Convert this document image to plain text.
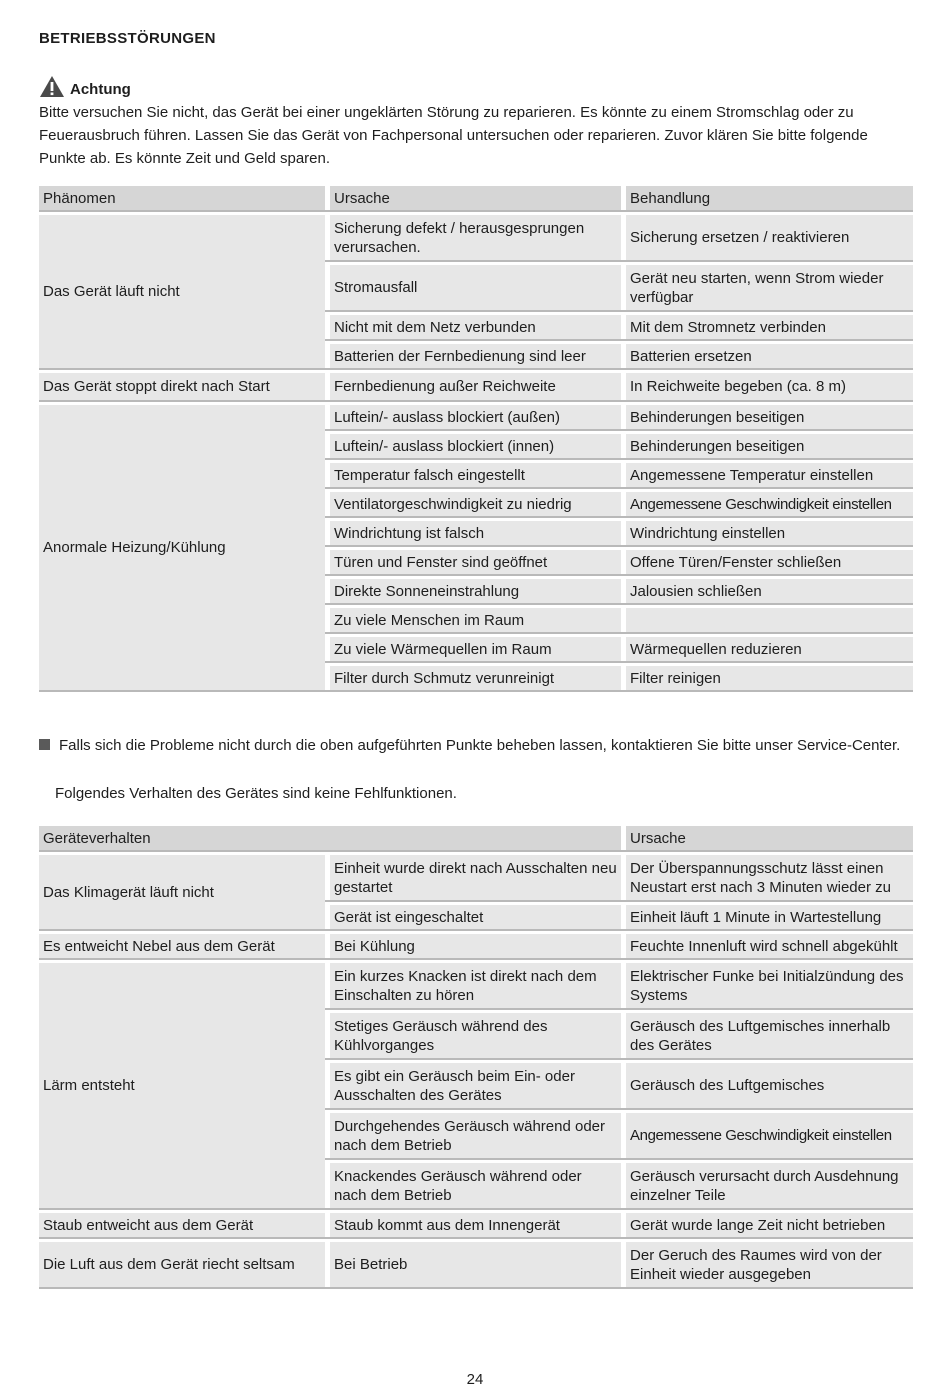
BETRIEBSSTÖRUNGEN
Achtung
Bitte versuchen Sie nicht, das Gerät bei einer ungeklärten Störung zu reparieren. Es könnte zu einem Stromschlag oder zu Feuerausbruch führen. Lassen Sie das Gerät von Fachpersonal untersuchen oder reparieren. Zuvor klären Sie bitte folgende Punkte ab. Es könnte Zeit und Geld sparen.
Phänomen	Ursache	Behandlung
Das Gerät läuft nicht	Sicherung defekt / herausgesprungen verursachen.	Sicherung ersetzen / reaktivieren
	Stromausfall	Gerät neu starten, wenn Strom wieder verfügbar
	Nicht mit dem Netz verbunden	Mit dem Stromnetz verbinden
	Batterien der Fernbedienung sind leer	Batterien ersetzen
Das Gerät stoppt direkt nach Start	Fernbedienung außer Reichweite	In Reichweite begeben (ca. 8 m)
Anormale Heizung/Kühlung	Luftein/- auslass blockiert (außen)	Behinderungen beseitigen
	Luftein/- auslass blockiert (innen)	Behinderungen beseitigen
	Temperatur falsch eingestellt	Angemessene Temperatur einstellen
	Ventilatorgeschwindigkeit zu niedrig	Angemessene Geschwindigkeit einstellen
	Windrichtung ist falsch	Windrichtung einstellen
	Türen und Fenster sind geöffnet	Offene Türen/Fenster schließen
	Direkte Sonneneinstrahlung	Jalousien schließen
	Zu viele Menschen im Raum	
	Zu viele Wärmequellen im Raum	Wärmequellen reduzieren
	Filter durch Schmutz verunreinigt	Filter reinigen
Falls sich die Probleme nicht durch die oben aufgeführten Punkte beheben lassen, kontaktieren Sie bitte unser Service-Center.
Folgendes Verhalten des Gerätes sind keine Fehlfunktionen.
Geräteverhalten		Ursache
Das Klimagerät läuft nicht	Einheit wurde direkt nach Ausschalten neu gestartet	Der Überspannungsschutz lässt einen Neustart erst nach 3 Minuten wieder zu
	Gerät ist eingeschaltet	Einheit läuft 1 Minute in Wartestellung
Es entweicht Nebel aus dem Gerät	Bei Kühlung	Feuchte Innenluft wird schnell abgekühlt
Lärm entsteht	Ein kurzes Knacken ist direkt nach dem Einschalten zu hören	Elektrischer Funke bei Initialzündung des Systems
	Stetiges Geräusch während des Kühlvorganges	Geräusch des Luftgemisches innerhalb des Gerätes
	Es gibt ein Geräusch beim Ein- oder Ausschalten des Gerätes	Geräusch des Luftgemisches
	Durchgehendes Geräusch während oder nach dem Betrieb	Angemessene Geschwindigkeit einstellen
	Knackendes Geräusch während oder nach dem Betrieb	Geräusch verursacht durch Ausdehnung einzelner Teile
Staub entweicht aus dem Gerät	Staub kommt aus dem Innengerät	Gerät wurde lange Zeit nicht betrieben
Die Luft aus dem Gerät riecht seltsam	Bei Betrieb	Der Geruch des Raumes wird von der Einheit wieder ausgegeben
24
